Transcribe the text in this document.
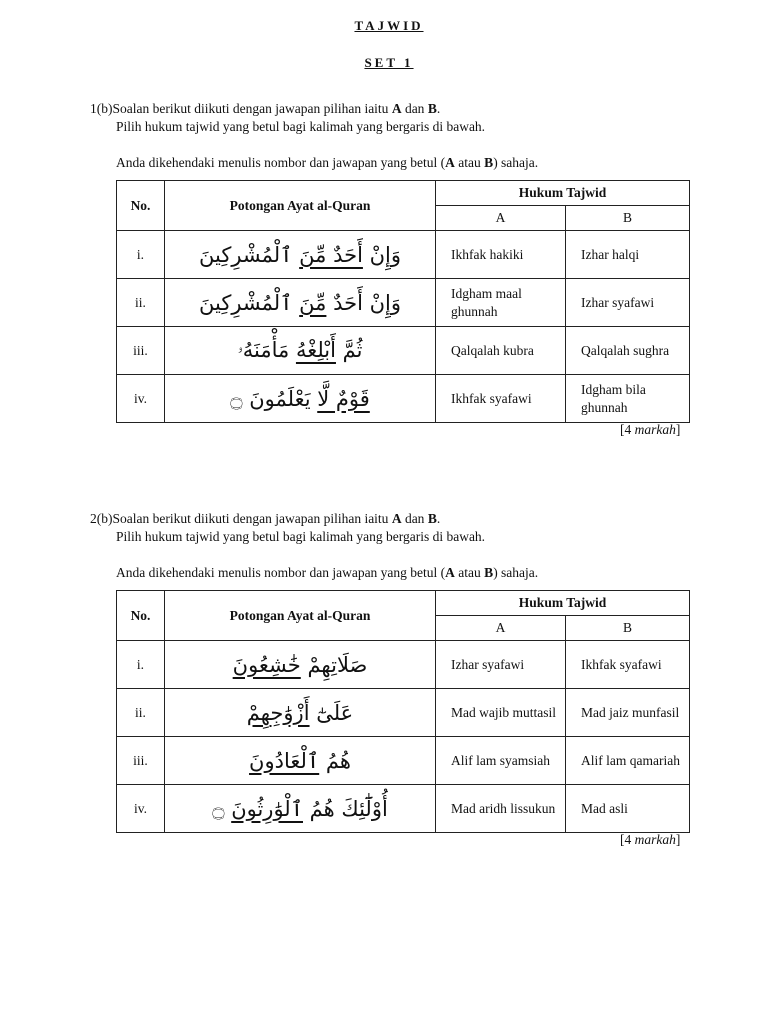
TAJWID
SET 1

1(b)Soalan berikut diikuti dengan jawapan pilihan iaitu A dan B.

Pilih hukum tajwid yang betul bagi kalimah yang bergaris di bawah.

Anda dikehendaki menulis nombor dan jawapan yang betul (A atau B) sahaja.

No.	Potongan Ayat al-Quran	Hukum Tajwid	
		A	B
i.	وَإِنْ أَحَدٌ مِّنَ ٱلْمُشْرِكِينَ	Ikhfak hakiki	Izhar halqi
ii.	وَإِنْ أَحَدٌ مِّنَ ٱلْمُشْرِكِينَ	Idgham maal ghunnah	Izhar syafawi
iii.	ثُمَّ أَبْلِغْهُ مَأْمَنَهُۥ	Qalqalah kubra	Qalqalah sughra
iv.	قَوْمٌ لَّا يَعْلَمُونَ ۝	Ikhfak syafawi	Idgham bila ghunnah
[4 markah]

2(b)Soalan berikut diikuti dengan jawapan pilihan iaitu A dan B.

Pilih hukum tajwid yang betul bagi kalimah yang bergaris di bawah.

Anda dikehendaki menulis nombor dan jawapan yang betul (A atau B) sahaja.

No.	Potongan Ayat al-Quran	Hukum Tajwid	
		A	B
i.	صَلَاتِهِمْ خَٰشِعُونَ	Izhar syafawi	Ikhfak syafawi
ii.	عَلَىٰٓ أَزْوَٰجِهِمْ	Mad wajib muttasil	Mad jaiz munfasil
iii.	هُمُ ٱلْعَادُونَ	Alif lam syamsiah	Alif lam qamariah
iv.	أُوْلَٰٓئِكَ هُمُ ٱلْوَٰرِثُونَ ۝	Mad aridh lissukun	Mad asli
[4 markah]
